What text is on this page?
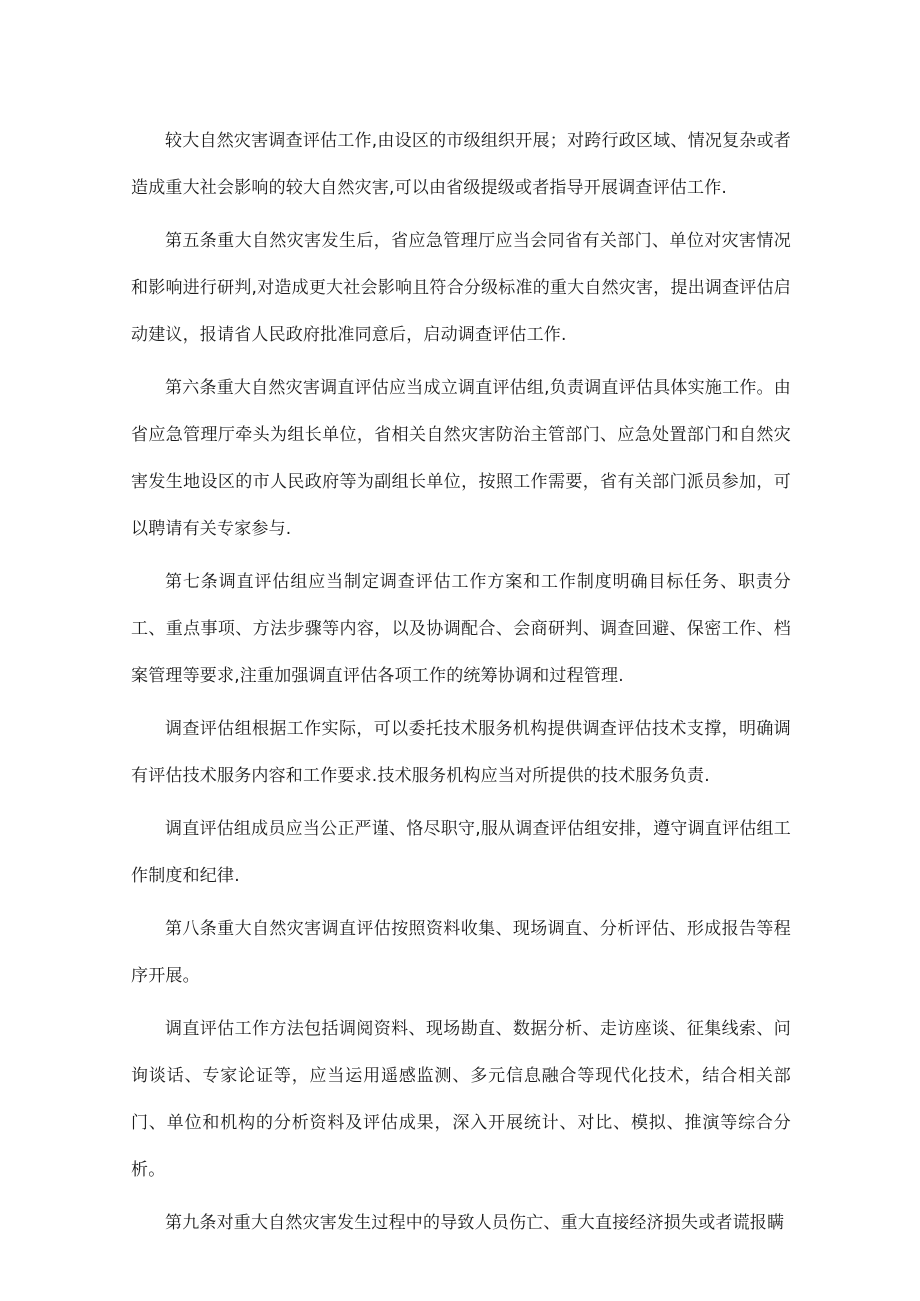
较大自然灾害调查评估工作,由设区的市级组织开展；对跨行政区域、情况复杂或者造成重大社会影响的较大自然灾害,可以由省级提级或者指导开展调查评估工作.

第五条重大自然灾害发生后，省应急管理厅应当会同省有关部门、单位对灾害情况和影响进行研判,对造成更大社会影响且符合分级标准的重大自然灾害，提出调查评估启动建议，报请省人民政府批准同意后，启动调查评估工作.

第六条重大自然灾害调直评估应当成立调直评估组,负责调直评估具体实施工作。由省应急管理厅牵头为组长单位，省相关自然灾害防治主管部门、应急处置部门和自然灾害发生地设区的市人民政府等为副组长单位，按照工作需要，省有关部门派员参加，可以聘请有关专家参与.

第七条调直评估组应当制定调查评估工作方案和工作制度明确目标任务、职责分工、重点事项、方法步骤等内容，以及协调配合、会商研判、调查回避、保密工作、档案管理等要求,注重加强调直评估各项工作的统筹协调和过程管理.

调查评估组根据工作实际，可以委托技术服务机构提供调查评估技术支撑，明确调有评估技术服务内容和工作要求.技术服务机构应当对所提供的技术服务负责.

调直评估组成员应当公正严谨、恪尽职守,服从调查评估组安排，遵守调直评估组工作制度和纪律.

第八条重大自然灾害调直评估按照资料收集、现场调直、分析评估、形成报告等程序开展。

调直评估工作方法包括调阅资料、现场勘直、数据分析、走访座谈、征集线索、问询谈话、专家论证等，应当运用遥感监测、多元信息融合等现代化技术，结合相关部门、单位和机构的分析资料及评估成果，深入开展统计、对比、模拟、推演等综合分析。

第九条对重大自然灾害发生过程中的导致人员伤亡、重大直接经济损失或者谎报瞒
